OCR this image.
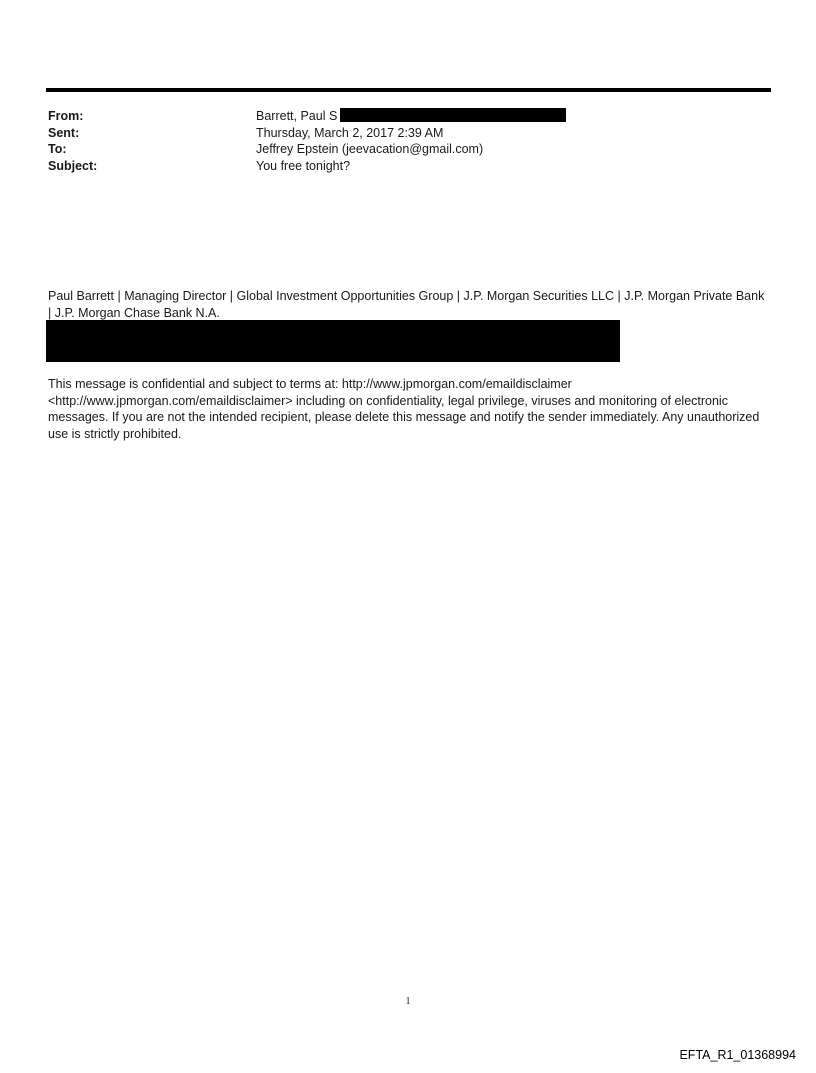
From:	Barrett, Paul S
Sent:	Thursday, March 2, 2017 2:39 AM
To:	Jeffrey Epstein (jeevacation@gmail.com)
Subject:	You free tonight?
Paul Barrett | Managing Director | Global Investment Opportunities Group | J.P. Morgan Securities LLC | J.P. Morgan Private Bank | J.P. Morgan Chase Bank N.A.
This message is confidential and subject to terms at: http://www.jpmorgan.com/emaildisclaimer <http://www.jpmorgan.com/emaildisclaimer> including on confidentiality, legal privilege, viruses and monitoring of electronic messages. If you are not the intended recipient, please delete this message and notify the sender immediately. Any unauthorized use is strictly prohibited.
1
EFTA_R1_01368994
